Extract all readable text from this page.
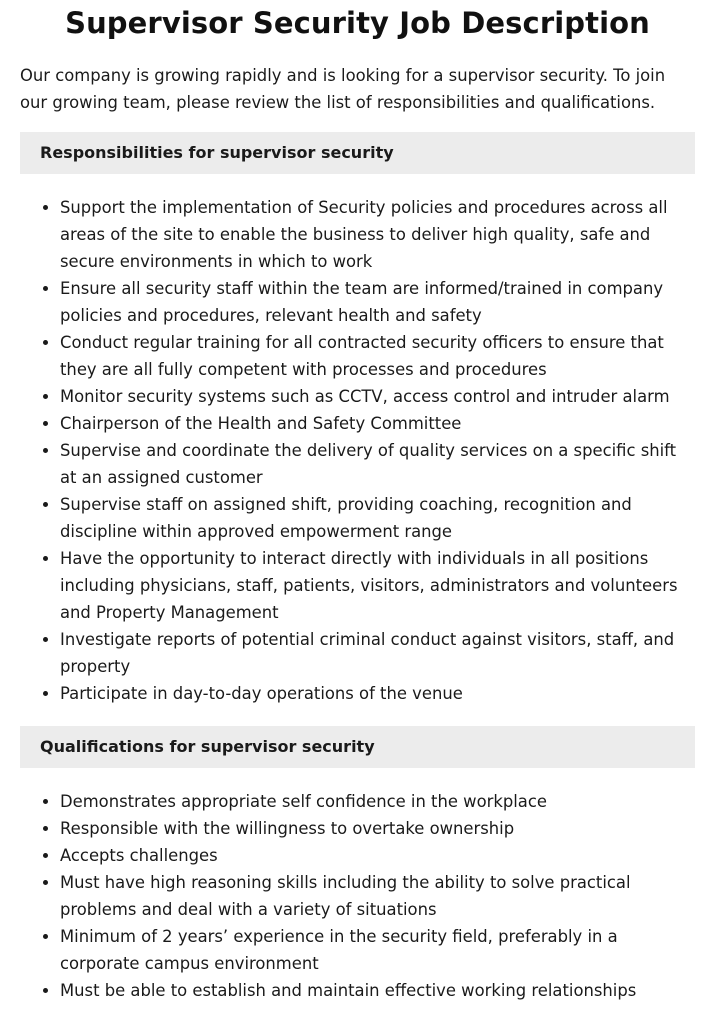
Supervisor Security Job Description

Our company is growing rapidly and is looking for a supervisor security. To join our growing team, please review the list of responsibilities and qualifications.

Responsibilities for supervisor security
• Support the implementation of Security policies and procedures across all areas of the site to enable the business to deliver high quality, safe and secure environments in which to work
• Ensure all security staff within the team are informed/trained in company policies and procedures, relevant health and safety
• Conduct regular training for all contracted security officers to ensure that they are all fully competent with processes and procedures
• Monitor security systems such as CCTV, access control and intruder alarm
• Chairperson of the Health and Safety Committee
• Supervise and coordinate the delivery of quality services on a specific shift at an assigned customer
• Supervise staff on assigned shift, providing coaching, recognition and discipline within approved empowerment range
• Have the opportunity to interact directly with individuals in all positions including physicians, staff, patients, visitors, administrators and volunteers and Property Management
• Investigate reports of potential criminal conduct against visitors, staff, and property
• Participate in day-to-day operations of the venue
Qualifications for supervisor security
• Demonstrates appropriate self confidence in the workplace
• Responsible with the willingness to overtake ownership
• Accepts challenges
• Must have high reasoning skills including the ability to solve practical problems and deal with a variety of situations
• Minimum of 2 years’ experience in the security field, preferably in a corporate campus environment
• Must be able to establish and maintain effective working relationships
